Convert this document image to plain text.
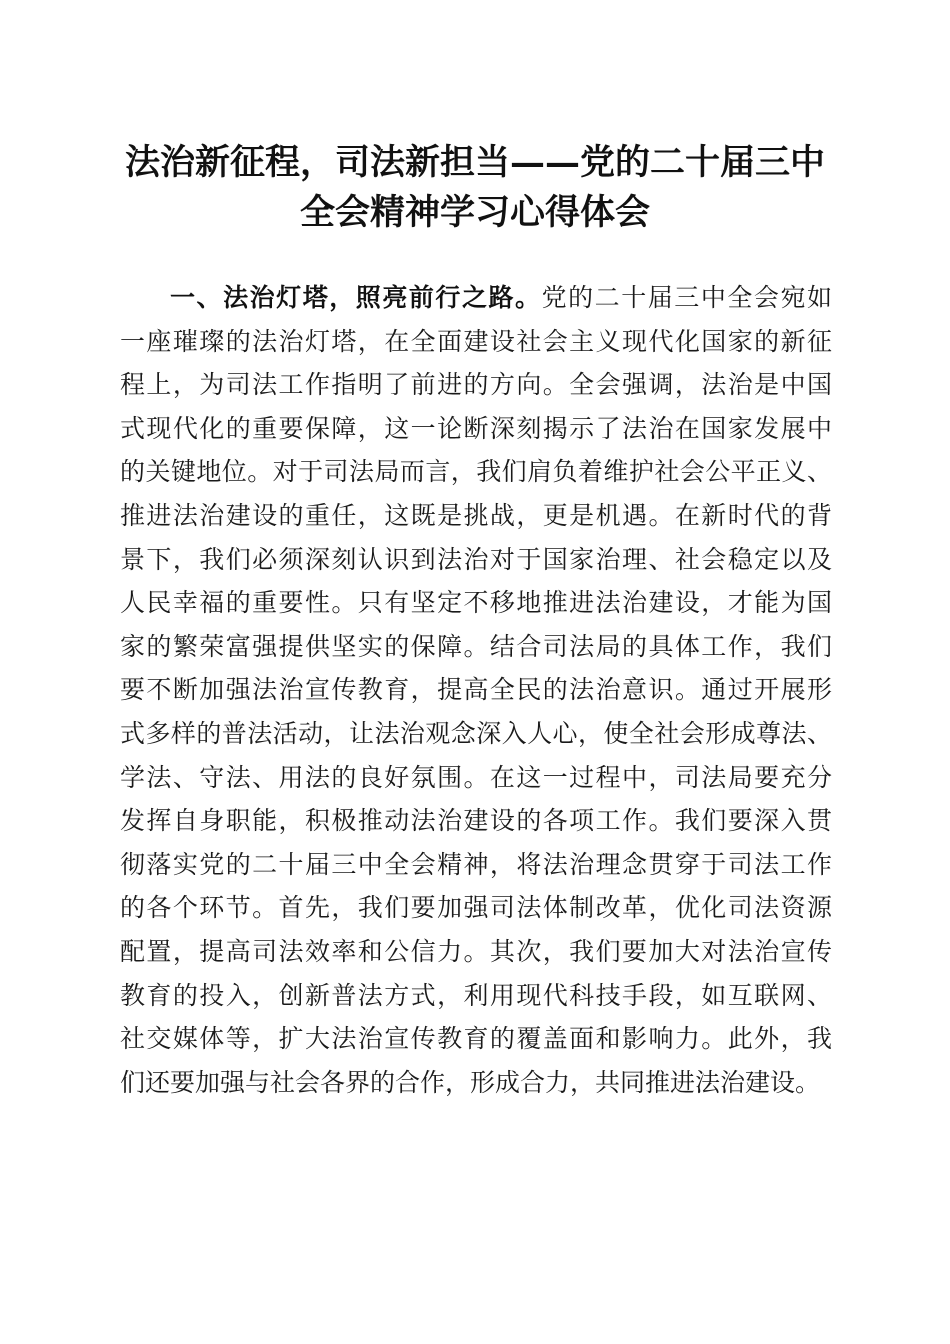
法治新征程，司法新担当——党的二十届三中
全会精神学习心得体会
一、法治灯塔，照亮前行之路。党的二十届三中全会宛如
一座璀璨的法治灯塔，在全面建设社会主义现代化国家的新征
程上，为司法工作指明了前进的方向。全会强调，法治是中国
式现代化的重要保障，这一论断深刻揭示了法治在国家发展中
的关键地位。对于司法局而言，我们肩负着维护社会公平正义、
推进法治建设的重任，这既是挑战，更是机遇。在新时代的背
景下，我们必须深刻认识到法治对于国家治理、社会稳定以及
人民幸福的重要性。只有坚定不移地推进法治建设，才能为国
家的繁荣富强提供坚实的保障。结合司法局的具体工作，我们
要不断加强法治宣传教育，提高全民的法治意识。通过开展形
式多样的普法活动，让法治观念深入人心，使全社会形成尊法、
学法、守法、用法的良好氛围。在这一过程中，司法局要充分
发挥自身职能，积极推动法治建设的各项工作。我们要深入贯
彻落实党的二十届三中全会精神，将法治理念贯穿于司法工作
的各个环节。首先，我们要加强司法体制改革，优化司法资源
配置，提高司法效率和公信力。其次，我们要加大对法治宣传
教育的投入，创新普法方式，利用现代科技手段，如互联网、
社交媒体等，扩大法治宣传教育的覆盖面和影响力。此外，我
们还要加强与社会各界的合作，形成合力，共同推进法治建设。
